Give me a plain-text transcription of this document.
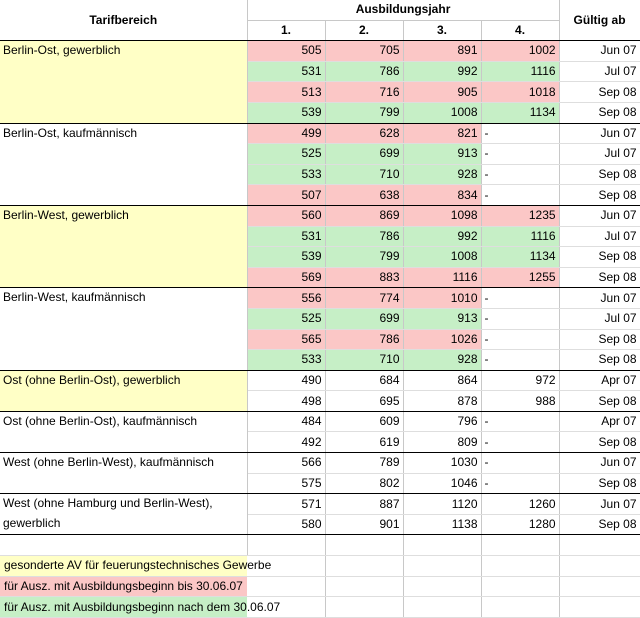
Tarifbereich	Ausbildungsjahr				Gültig ab
	1.	2.	3.	4.	
Berlin-Ost, gewerblich	505	705	891	1002	Jun 07
	531	786	992	1116	Jul 07
	513	716	905	1018	Sep 08
	539	799	1008	1134	Sep 08
Berlin-Ost, kaufmännisch	499	628	821	-	Jun 07
	525	699	913	-	Jul 07
	533	710	928	-	Sep 08
	507	638	834	-	Sep 08
Berlin-West, gewerblich	560	869	1098	1235	Jun 07
	531	786	992	1116	Jul 07
	539	799	1008	1134	Sep 08
	569	883	1116	1255	Sep 08
Berlin-West, kaufmännisch	556	774	1010	-	Jun 07
	525	699	913	-	Jul 07
	565	786	1026	-	Sep 08
	533	710	928	-	Sep 08
Ost (ohne Berlin-Ost), gewerblich	490	684	864	972	Apr 07
	498	695	878	988	Sep 08
Ost (ohne Berlin-Ost), kaufmännisch	484	609	796	-	Apr 07
	492	619	809	-	Sep 08
West (ohne Berlin-West), kaufmännisch	566	789	1030	-	Jun 07
	575	802	1046	-	Sep 08
West (ohne Hamburg und Berlin-West), gewerblich	571	887	1120	1260	Jun 07
	580	901	1138	1280	Sep 08

gesonderte AV für feuerungstechnisches Gewerbe					
für Ausz. mit Ausbildungsbeginn bis 30.06.07					
für Ausz. mit Ausbildungsbeginn nach dem 30.06.07					
